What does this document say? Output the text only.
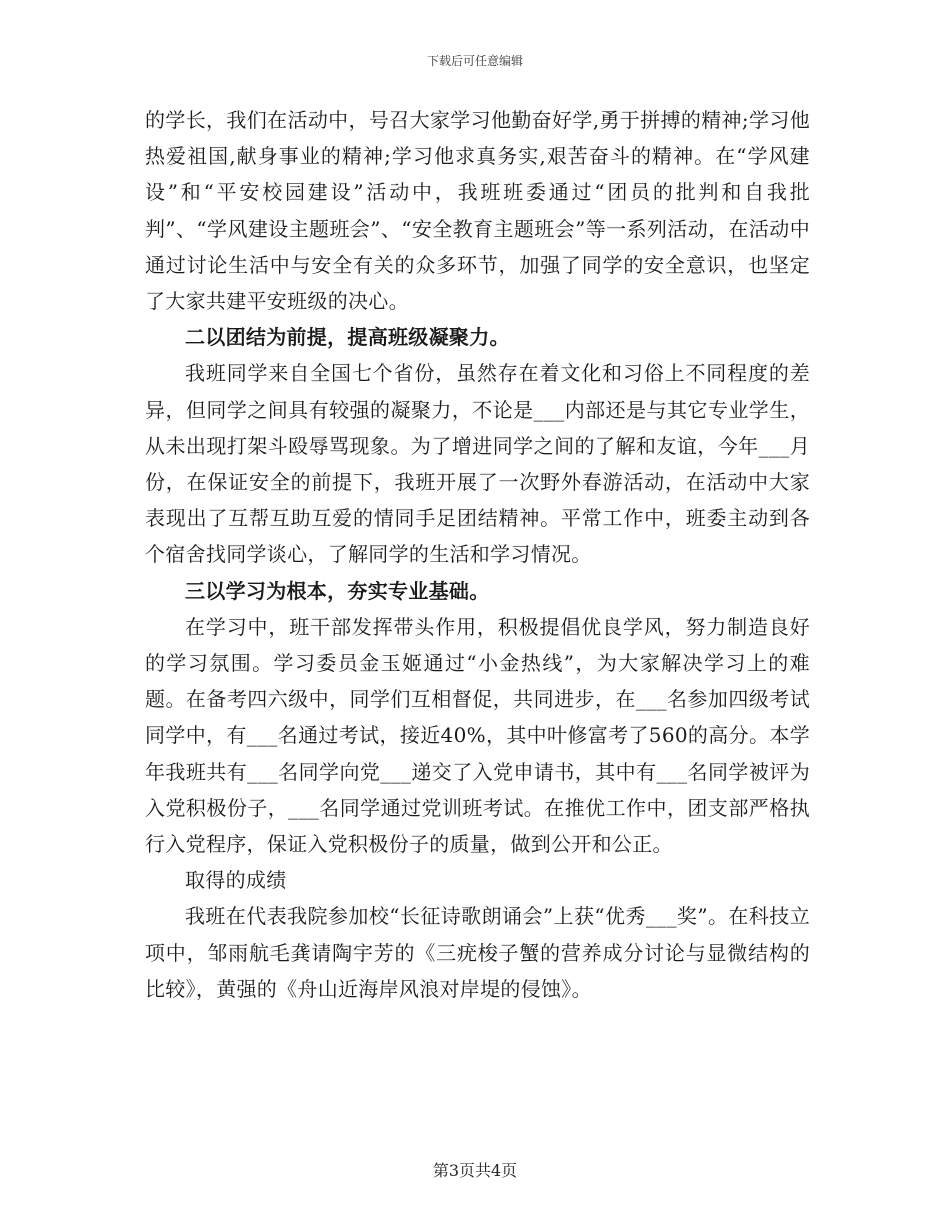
下载后可任意编辑

的学长，我们在活动中，号召大家学习他勤奋好学,勇于拼搏的精神;学习他热爱祖国,献身事业的精神;学习他求真务实,艰苦奋斗的精神。在“学风建设”和“平安校园建设”活动中，我班班委通过“团员的批判和自我批判”、“学风建设主题班会”、“安全教育主题班会”等一系列活动，在活动中通过讨论生活中与安全有关的众多环节，加强了同学的安全意识，也坚定了大家共建平安班级的决心。

二以团结为前提，提高班级凝聚力。

我班同学来自全国七个省份，虽然存在着文化和习俗上不同程度的差异，但同学之间具有较强的凝聚力，不论是___内部还是与其它专业学生，从未出现打架斗殴辱骂现象。为了增进同学之间的了解和友谊，今年___月份，在保证安全的前提下，我班开展了一次野外春游活动，在活动中大家表现出了互帮互助互爱的情同手足团结精神。平常工作中，班委主动到各个宿舍找同学谈心，了解同学的生活和学习情况。

三以学习为根本，夯实专业基础。

在学习中，班干部发挥带头作用，积极提倡优良学风，努力制造良好的学习氛围。学习委员金玉姬通过“小金热线”，为大家解决学习上的难题。在备考四六级中，同学们互相督促，共同进步，在___名参加四级考试同学中，有___名通过考试，接近40%，其中叶修富考了560的高分。本学年我班共有___名同学向党___递交了入党申请书，其中有___名同学被评为入党积极份子，___名同学通过党训班考试。在推优工作中，团支部严格执行入党程序，保证入党积极份子的质量，做到公开和公正。

取得的成绩

我班在代表我院参加校“长征诗歌朗诵会”上获“优秀___奖”。在科技立项中，邹雨航毛龚请陶宇芳的《三疣梭子蟹的营养成分讨论与显微结构的比较》，黄强的《舟山近海岸风浪对岸堤的侵蚀》。

第3页共4页
